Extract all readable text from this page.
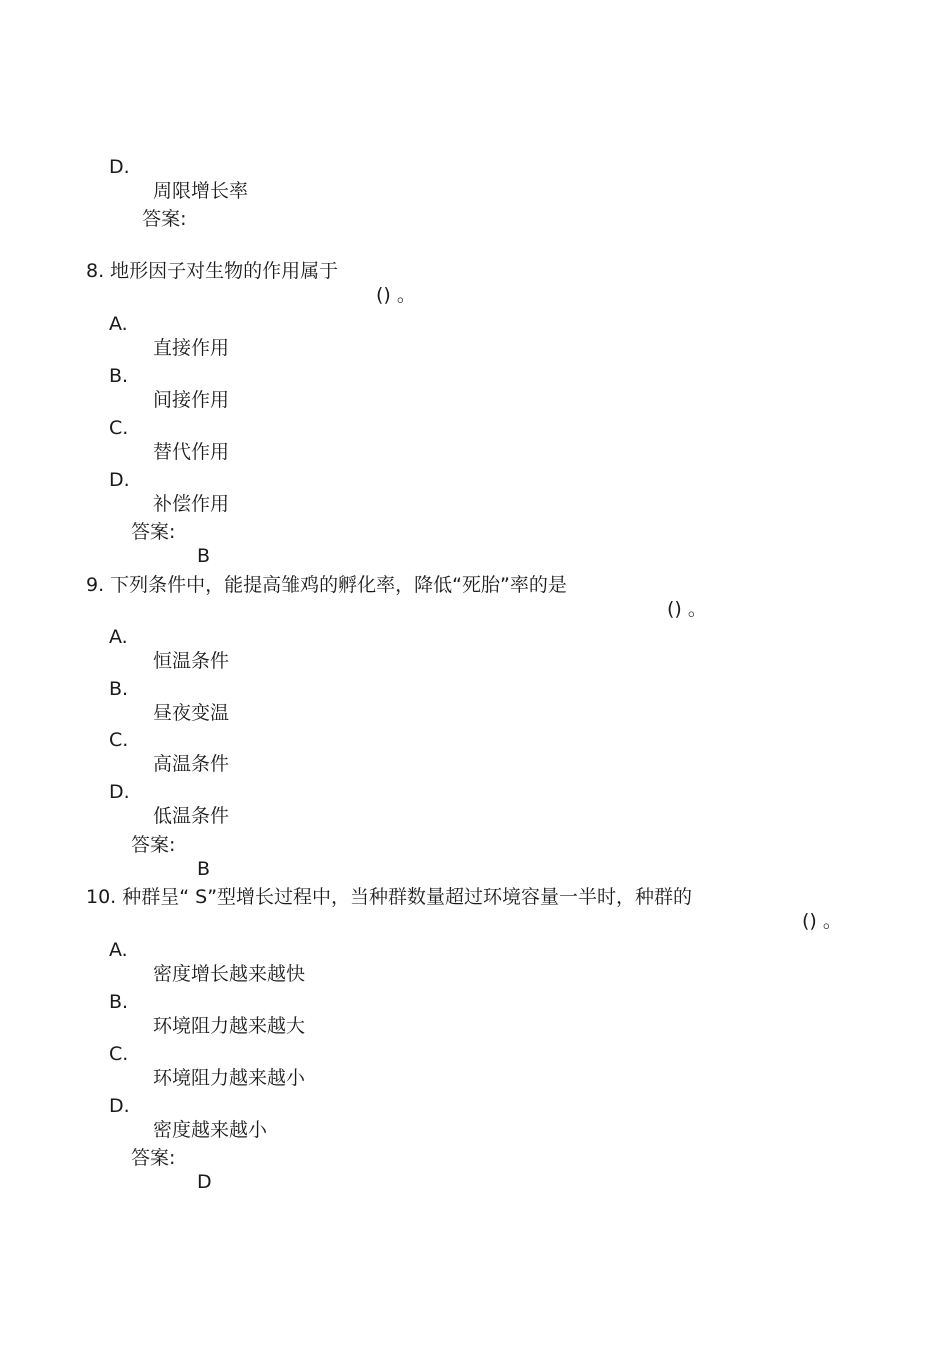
D.

周限增长率

答案:

8. 地形因子对生物的作用属于

() 。

A.

直接作用

B.

间接作用

C.

替代作用

D.

补偿作用

答案:

B

9. 下列条件中，能提高雏鸡的孵化率，降低“死胎”率的是

() 。

A.

恒温条件

B.

昼夜变温

C.

高温条件

D.

低温条件

答案:

B

10. 种群呈“ S”型增长过程中，当种群数量超过环境容量一半时，种群的

() 。

A.

密度增长越来越快

B.

环境阻力越来越大

C.

环境阻力越来越小

D.

密度越来越小

答案:

D
